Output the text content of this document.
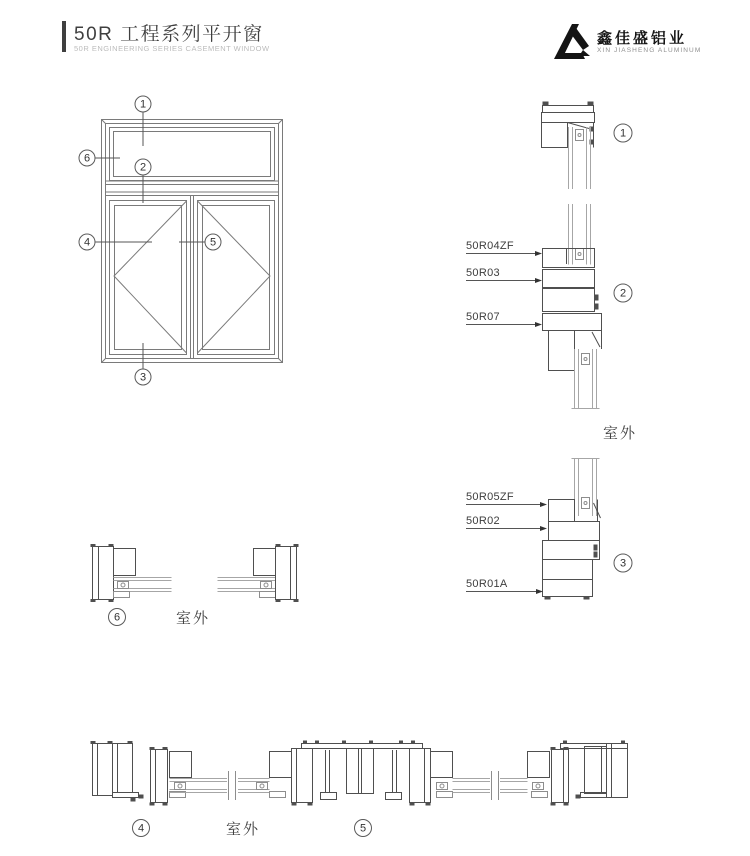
50R 工程系列平开窗
50R ENGINEERING SERIES CASEMENT WINDOW
鑫佳盛铝业
XIN JIASHENG ALUMINUM
1
6
2
4	5
3
1
50R04ZF
50R03
50R07
2
室外
50R05ZF
50R02
50R01A
3
6	室外
4	室外	5
